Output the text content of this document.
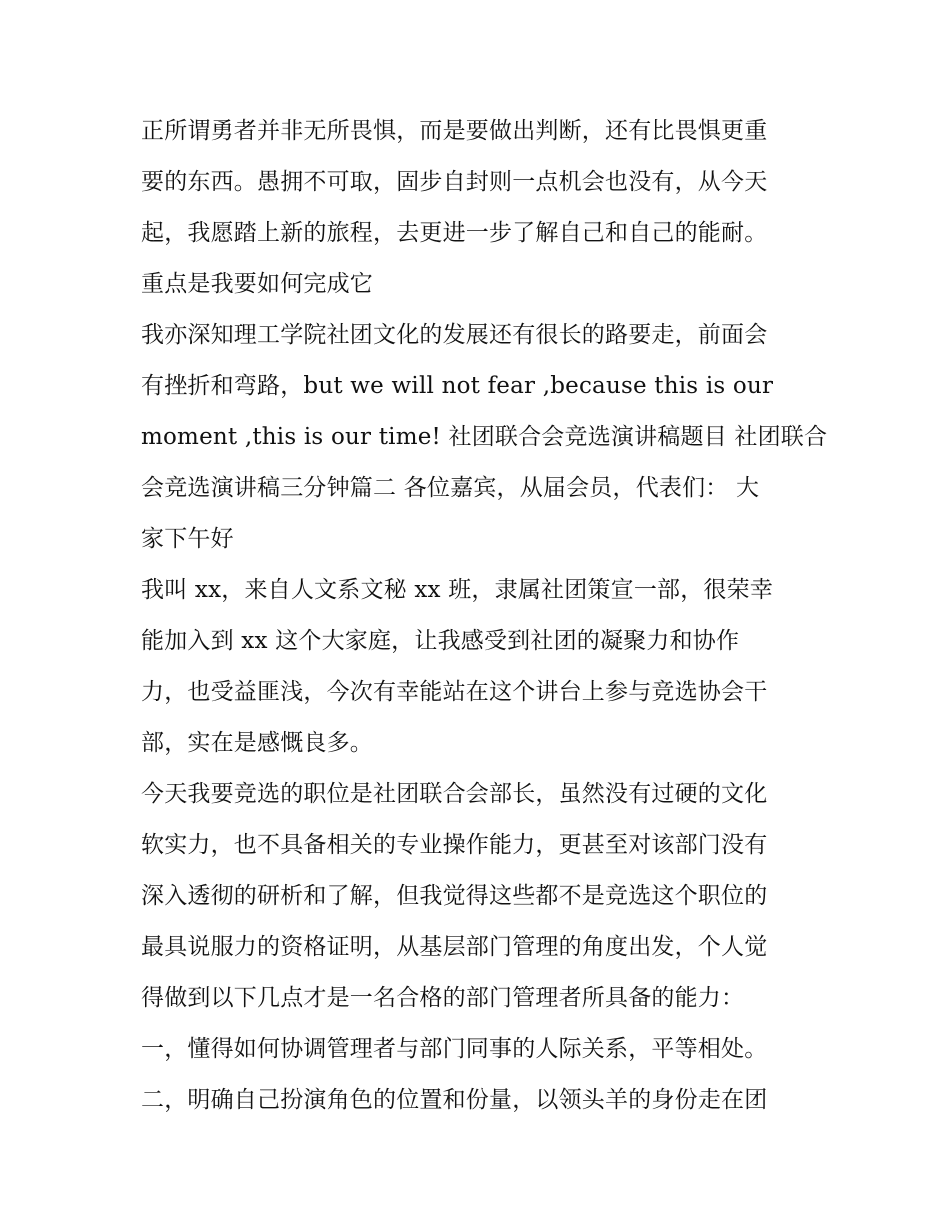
正所谓勇者并非无所畏惧，而是要做出判断，还有比畏惧更重
要的东西。愚拥不可取，固步自封则一点机会也没有，从今天
起，我愿踏上新的旅程，去更进一步了解自己和自己的能耐。
重点是我要如何完成它
我亦深知理工学院社团文化的发展还有很长的路要走，前面会
有挫折和弯路，but we will not fear ,because this is our
moment ,this is our time! 社团联合会竞选演讲稿题目 社团联合
会竞选演讲稿三分钟篇二 各位嘉宾，从届会员，代表们： 大
家下午好
我叫 xx，来自人文系文秘 xx 班，隶属社团策宣一部，很荣幸
能加入到 xx 这个大家庭，让我感受到社团的凝聚力和协作
力，也受益匪浅，今次有幸能站在这个讲台上参与竞选协会干
部，实在是感慨良多。
今天我要竞选的职位是社团联合会部长，虽然没有过硬的文化
软实力，也不具备相关的专业操作能力，更甚至对该部门没有
深入透彻的研析和了解，但我觉得这些都不是竞选这个职位的
最具说服力的资格证明，从基层部门管理的角度出发，个人觉
得做到以下几点才是一名合格的部门管理者所具备的能力：
一，懂得如何协调管理者与部门同事的人际关系，平等相处。
二，明确自己扮演角色的位置和份量，以领头羊的身份走在团
